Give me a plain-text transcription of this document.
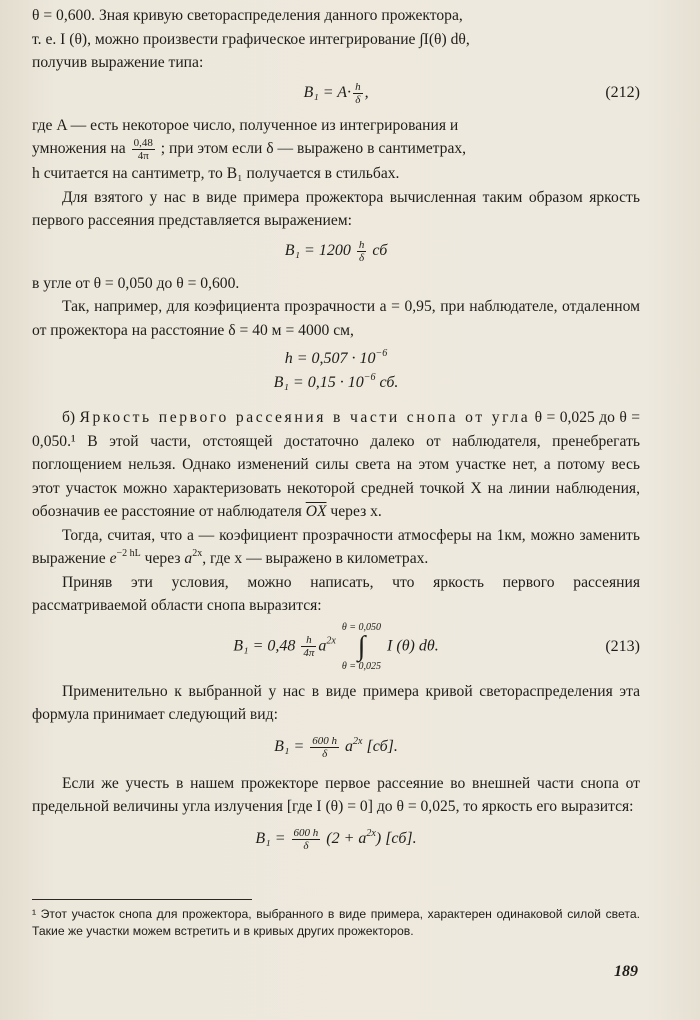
θ = 0,600. Зная кривую светораспределения данного прожектора,
т. е. I (θ), можно произвести графическое интегрирование ∫I(θ) dθ,
получив выражение типа:

$B_1 = A\cdot \frac{h}{\delta}$ ,	(212)

где A — есть некоторое число, полученное из интегрирования и
умножения на $\frac{0,48}{4\pi}$ ; при этом если δ — выражено в сантиметрах,
h считается на сантиметр, то B₁ получается в стильбах.

Для взятого у нас в виде примера прожектора вычисленная таким образом яркость первого рассеяния представляется выражением:

$B_1 = 1200 \frac{h}{\delta}$ сб

в угле от θ = 0,050 до θ = 0,600.

Так, например, для коэфициента прозрачности a = 0,95, при наблюдателе, отдаленном от прожектора на расстояние δ = 40 м = 4000 см,

$h = 0,507 \cdot 10^{-6}$
$B_1 = 0,15 \cdot 10^{-6}$ сб.

б) Яркость первого рассеяния в части снопа от угла θ = 0,025 до θ = 0,050.¹ В этой части, отстоящей достаточно далеко от наблюдателя, пренебрегать поглощением нельзя. Однако изменений силы света на этом участке нет, а потому весь этот участок можно характеризовать некоторой средней точкой X на линии наблюдения, обозначив ее расстояние от наблюдателя $\overline{OX}$ через x.

Тогда, считая, что a — коэфициент прозрачности атмосферы на 1км, можно заменить выражение $e^{-2 hL}$ через $a^{2x}$, где x — выражено в километрах.

Приняв эти условия, можно написать, что яркость первого рассеяния рассматриваемой области снопа выразится:

$B_1 = 0,48 \frac{h}{4\pi} a^{2x}$ θ = 0,050
∫
θ = 0,025 I (θ) dθ.	(213)

Применительно к выбранной у нас в виде примера кривой светораспределения эта формула принимает следующий вид:

$B_1 = \frac{600 h}{\delta} a^{2x}$ [сб].

Если же учесть в нашем прожекторе первое рассеяние во внешней части снопа от предельной величины угла излучения [где I (θ) = 0] до θ = 0,025, то яркость его выразится:

$B_1 = \frac{600 h}{\delta} (2 + a^{2x})$ [сб].
¹ Этот участок снопа для прожектора, выбранного в виде примера, характерен одинаковой силой света. Такие же участки можем встретить и в кривых других прожекторов.
189
